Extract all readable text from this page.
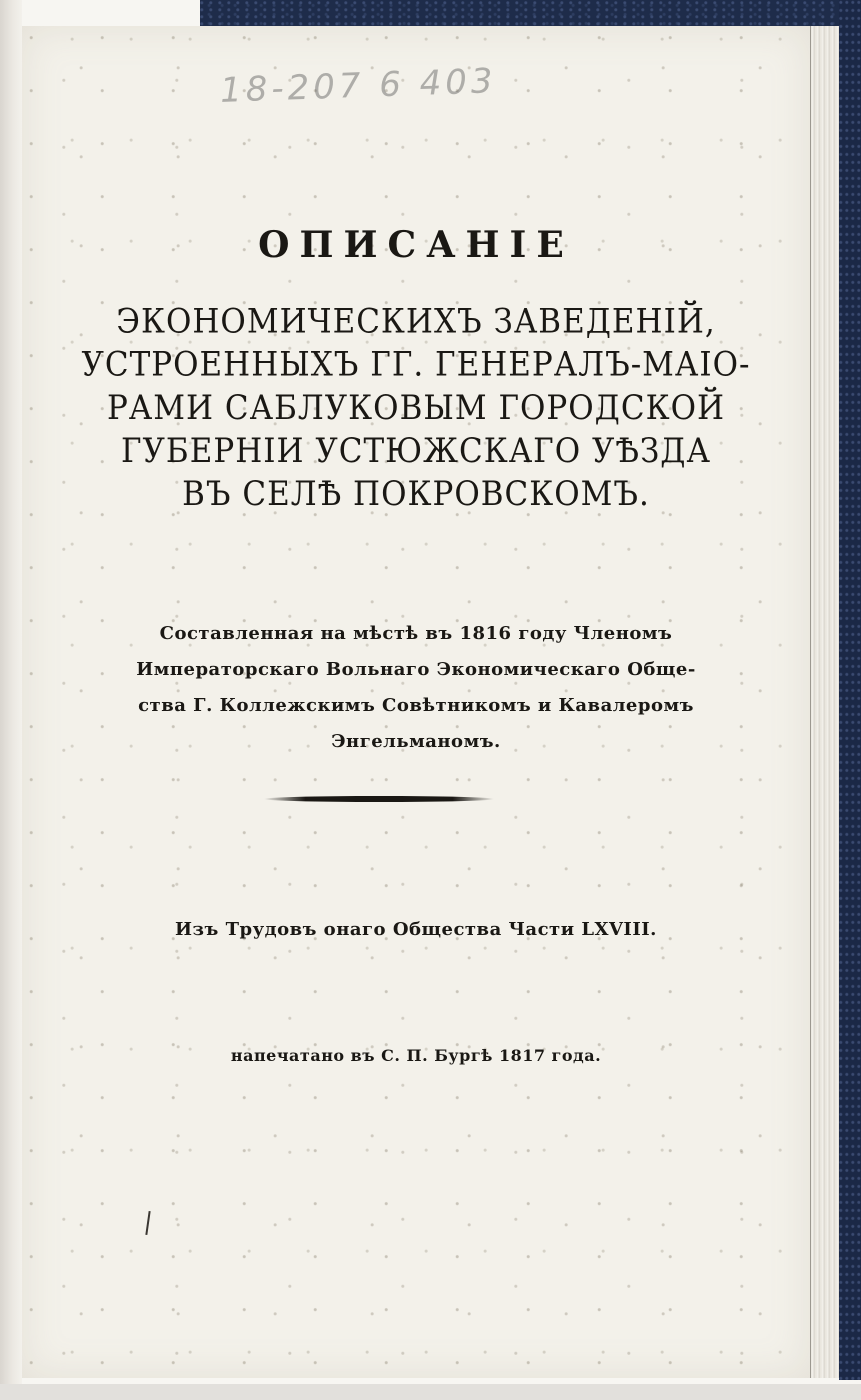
18-207 6 403
ОПИСАНІЕ
ЭКОНОМИЧЕСКИХЪ ЗАВЕДЕНІЙ,
УСТРОЕННЫХЪ ГГ. ГЕНЕРАЛЪ-МАІО-
РАМИ САБЛУКОВЫМ ГОРОДСКОЙ
ГУБЕРНІИ УСТЮЖСКАГО УѢЗДА
ВЪ СЕЛѢ ПОКРОВСКОМЪ.
Составленная на мѣстѣ въ 1816 году Членомъ
Императорскаго Вольнаго Экономическаго Обще-
ства Г. Коллежскимъ Совѣтникомъ и Кавалеромъ
Энгельманомъ.
Изъ Трудовъ онаго Общества Части LXVIII.
напечатано въ С. П. Бургѣ 1817 года.
